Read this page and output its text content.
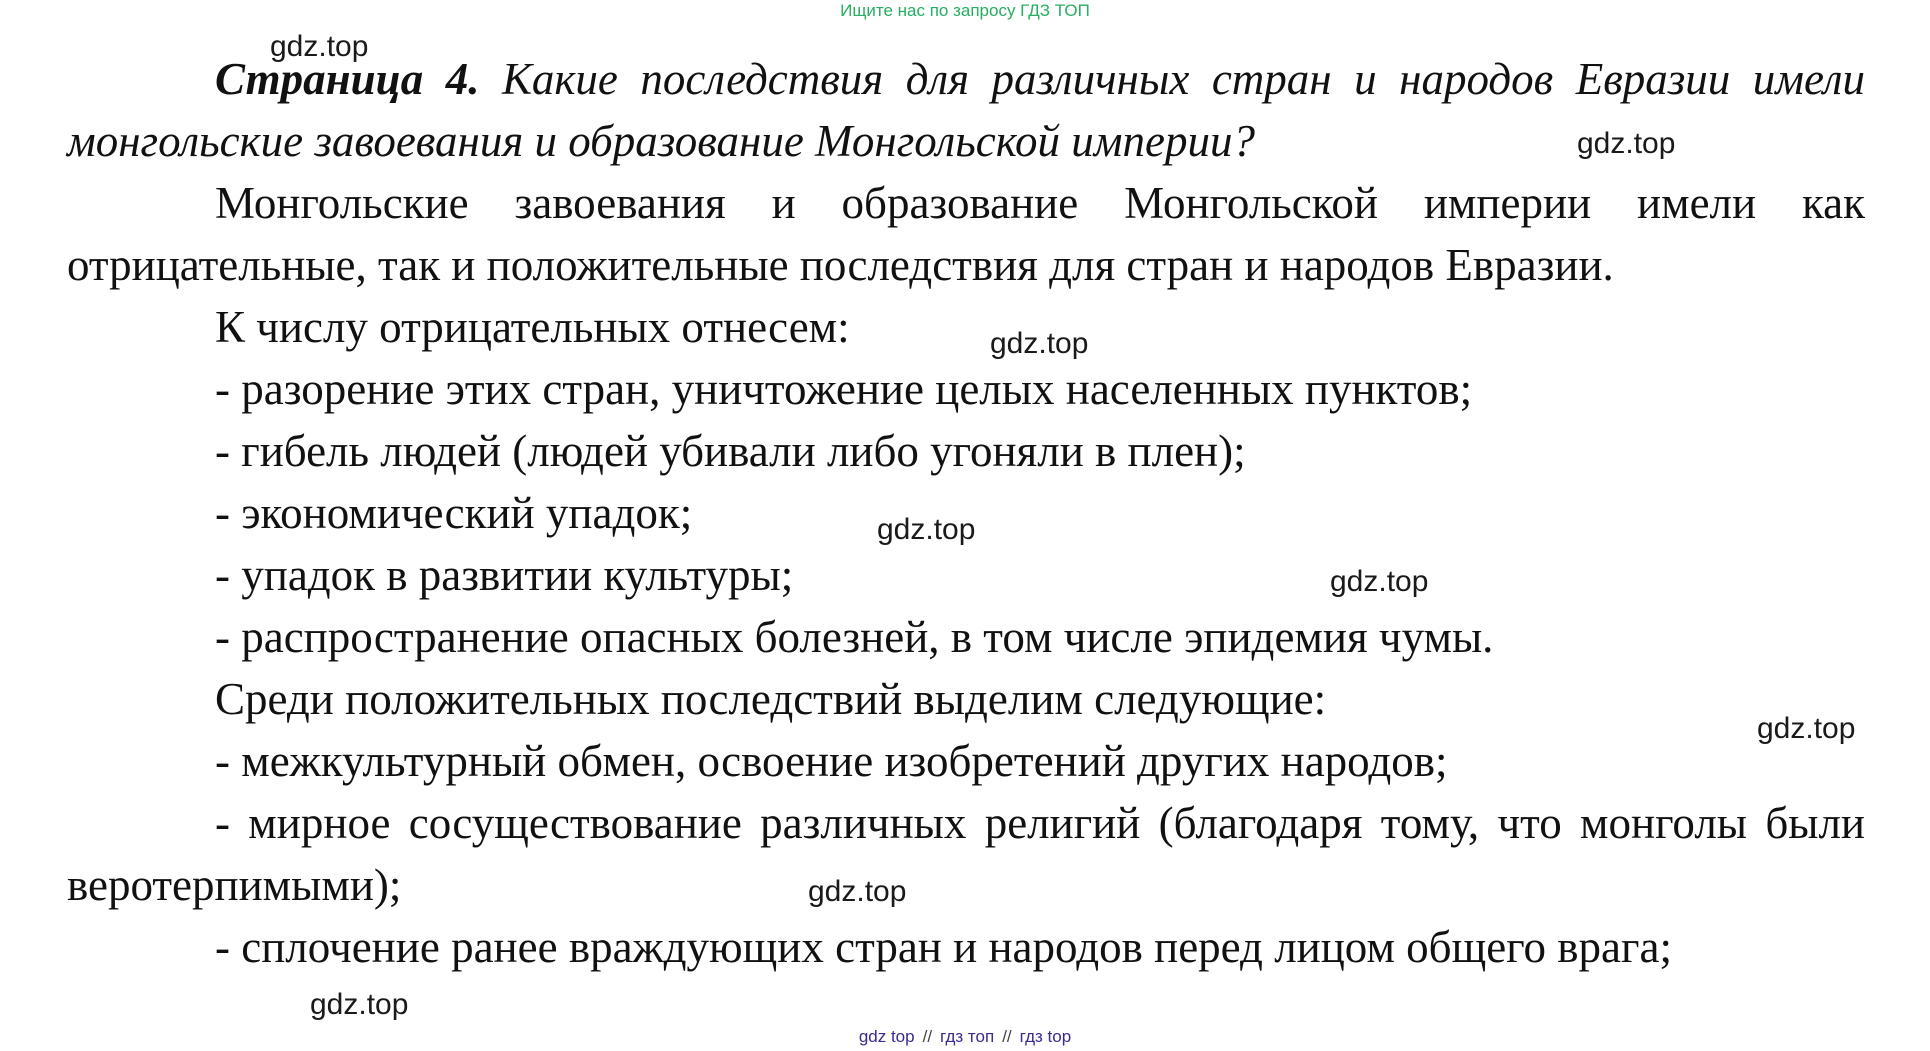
Ищите нас по запросу ГДЗ ТОП

Страница 4. Какие последствия для различных стран и народов Евразии имели монгольские завоевания и образование Монгольской империи?

Монгольские завоевания и образование Монгольской империи имели как отрицательные, так и положительные последствия для стран и народов Евразии.

К числу отрицательных отнесем:

- разорение этих стран, уничтожение целых населенных пунктов;

- гибель людей (людей убивали либо угоняли в плен);

- экономический упадок;

- упадок в развитии культуры;

- распространение опасных болезней, в том числе эпидемия чумы.

Среди положительных последствий выделим следующие:

- межкультурный обмен, освоение изобретений других народов;

- мирное сосуществование различных религий (благодаря тому, что монголы были веротерпимыми);

- сплочение ранее враждующих стран и народов перед лицом общего врага;

gdz.top
gdz.top
gdz.top
gdz.top
gdz.top
gdz.top
gdz.top
gdz.top
gdz top // гдз топ // гдз top
